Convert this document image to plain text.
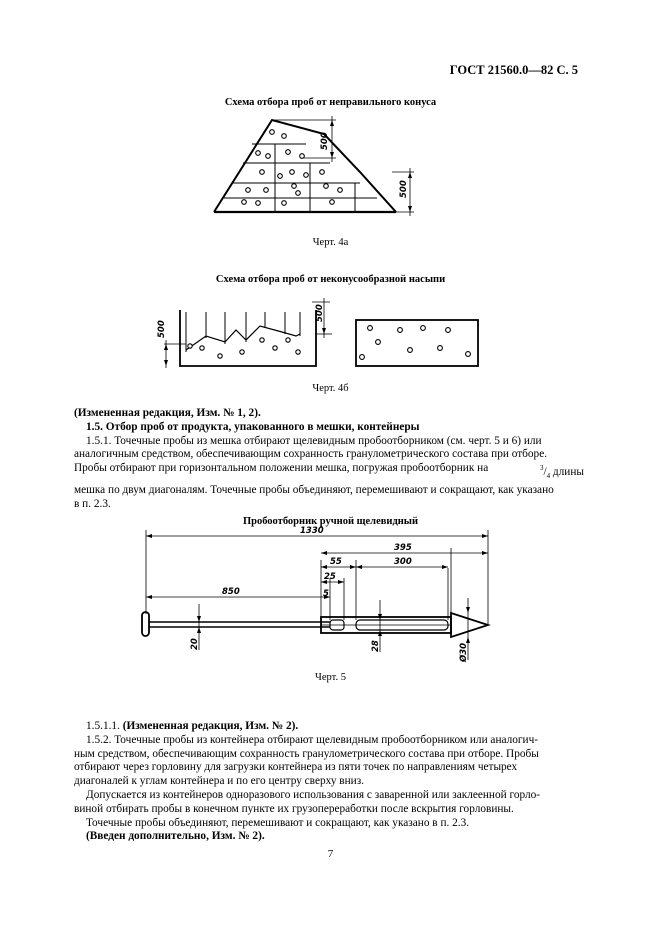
ГОСТ 21560.0—82 С. 5
Схема отбора проб от неправильного конуса
500
500
Черт. 4а
Схема отбора проб от неконусообразной насыпи
500
500
Черт. 4б
(Измененная редакция, Изм. № 1, 2).
1.5. Отбор проб от продукта, упакованного в мешки, контейнеры
1.5.1. Точечные пробы из мешка отбирают щелевидным пробоотборником (см. черт. 5 и 6) или
аналогичным средством, обеспечивающим сохранность гранулометрического состава при отборе.
Пробы отбирают при горизонтальном положении мешка, погружая пробоотборник на	$^3/_4$ длины
мешка по двум диагоналям. Точечные пробы объединяют, перемешивают и сокращают, как указано
в п. 2.3.
Пробоотборник ручной щелевидный
1330
395
55	300
25
850	5
20	28	Ø30
Черт. 5
1.5.1.1. (Измененная редакция, Изм. № 2).
1.5.2. Точечные пробы из контейнера отбирают щелевидным пробоотборником или аналогич-
ным средством, обеспечивающим сохранность гранулометрического состава при отборе. Пробы
отбирают через горловину для загрузки контейнера из пяти точек по направлениям четырех
диагоналей к углам контейнера и по его центру сверху вниз.
Допускается из контейнеров одноразового использования с заваренной или заклеенной горло-
виной отбирать пробы в конечном пункте их грузопереработки после вскрытия горловины.
Точечные пробы объединяют, перемешивают и сокращают, как указано в п. 2.3.
(Введен дополнительно, Изм. № 2).
7
